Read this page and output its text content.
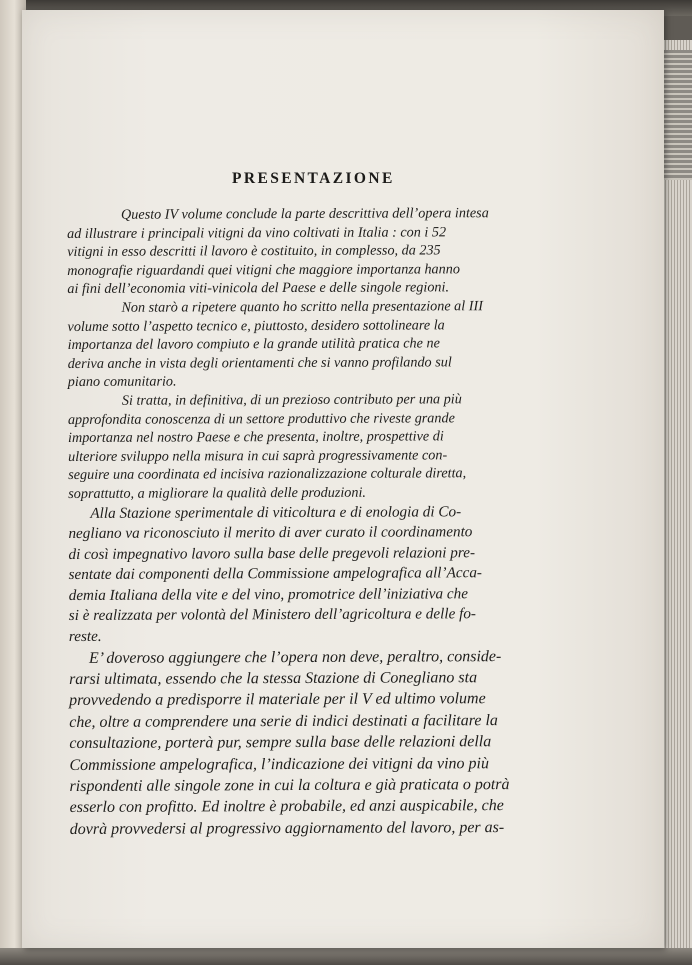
PRESENTAZIONE
Questo IV volume conclude la parte descrittiva dell’opera intesa
ad illustrare i principali vitigni da vino coltivati in Italia : con i 52
vitigni in esso descritti il lavoro è costituito, in complesso, da 235
monografie riguardandi quei vitigni che maggiore importanza hanno
ai fini dell’economia viti-vinicola del Paese e delle singole regioni.
Non starò a ripetere quanto ho scritto nella presentazione al III
volume sotto l’aspetto tecnico e, piuttosto, desidero sottolineare la
importanza del lavoro compiuto e la grande utilità pratica che ne
deriva anche in vista degli orientamenti che si vanno profilando sul
piano comunitario.
Si tratta, in definitiva, di un prezioso contributo per una più
approfondita conoscenza di un settore produttivo che riveste grande
importanza nel nostro Paese e che presenta, inoltre, prospettive di
ulteriore sviluppo nella misura in cui saprà progressivamente con-
seguire una coordinata ed incisiva razionalizzazione colturale diretta,
soprattutto, a migliorare la qualità delle produzioni.
Alla Stazione sperimentale di viticoltura e di enologia di Co-
negliano va riconosciuto il merito di aver curato il coordinamento
di così impegnativo lavoro sulla base delle pregevoli relazioni pre-
sentate dai componenti della Commissione ampelografica all’Acca-
demia Italiana della vite e del vino, promotrice dell’iniziativa che
si è realizzata per volontà del Ministero dell’agricoltura e delle fo-
reste.
E’ doveroso aggiungere che l’opera non deve, peraltro, conside-
rarsi ultimata, essendo che la stessa Stazione di Conegliano sta
provvedendo a predisporre il materiale per il V ed ultimo volume
che, oltre a comprendere una serie di indici destinati a facilitare la
consultazione, porterà pur, sempre sulla base delle relazioni della
Commissione ampelografica, l’indicazione dei vitigni da vino più
rispondenti alle singole zone in cui la coltura e già praticata o potrà
esserlo con profitto. Ed inoltre è probabile, ed anzi auspicabile, che
dovrà provvedersi al progressivo aggiornamento del lavoro, per as-
